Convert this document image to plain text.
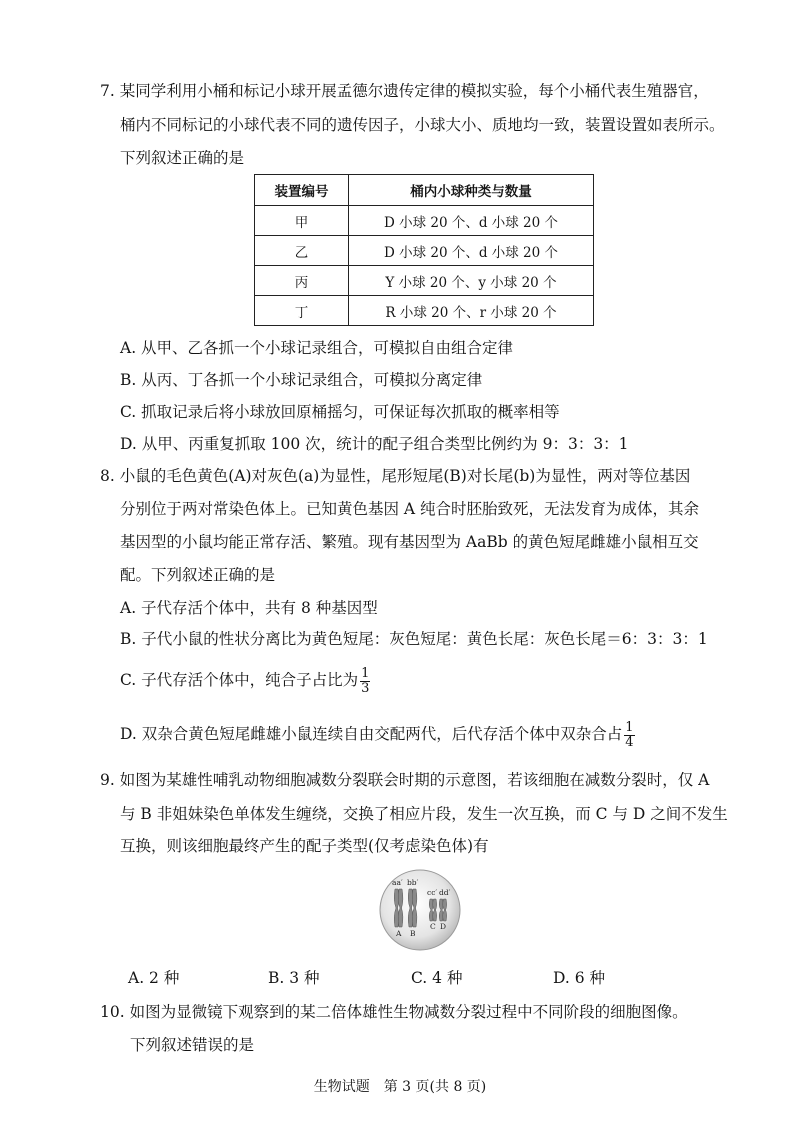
7. 某同学利用小桶和标记小球开展孟德尔遗传定律的模拟实验，每个小桶代表生殖器官，
桶内不同标记的小球代表不同的遗传因子，小球大小、质地均一致，装置设置如表所示。
下列叙述正确的是
装置编号	桶内小球种类与数量
甲	D 小球 20 个、d 小球 20 个
乙	D 小球 20 个、d 小球 20 个
丙	Y 小球 20 个、y 小球 20 个
丁	R 小球 20 个、r 小球 20 个
A. 从甲、乙各抓一个小球记录组合，可模拟自由组合定律
B. 从丙、丁各抓一个小球记录组合，可模拟分离定律
C. 抓取记录后将小球放回原桶摇匀，可保证每次抓取的概率相等
D. 从甲、丙重复抓取 100 次，统计的配子组合类型比例约为 9：3：3：1
8. 小鼠的毛色黄色(A)对灰色(a)为显性，尾形短尾(B)对长尾(b)为显性，两对等位基因
分别位于两对常染色体上。已知黄色基因 A 纯合时胚胎致死，无法发育为成体，其余
基因型的小鼠均能正常存活、繁殖。现有基因型为 AaBb 的黄色短尾雌雄小鼠相互交
配。下列叙述正确的是
A. 子代存活个体中，共有 8 种基因型
B. 子代小鼠的性状分离比为黄色短尾：灰色短尾：黄色长尾：灰色长尾＝6：3：3：1
C. 子代存活个体中，纯合子占比为 $\frac{1}{3}$
D. 双杂合黄色短尾雌雄小鼠连续自由交配两代，后代存活个体中双杂合占 $\frac{1}{4}$
9. 如图为某雄性哺乳动物细胞减数分裂联会时期的示意图，若该细胞在减数分裂时，仅 A
与 B 非姐妹染色单体发生缠绕，交换了相应片段，发生一次互换，而 C 与 D 之间不发生
互换，则该细胞最终产生的配子类型(仅考虑染色体)有
aa′ bb′
cc′ dd′
A B
C D
A. 2 种	B. 3 种	C. 4 种	D. 6 种
10. 如图为显微镜下观察到的某二倍体雄性生物减数分裂过程中不同阶段的细胞图像。
下列叙述错误的是
生物试题　第 3 页(共 8 页)
